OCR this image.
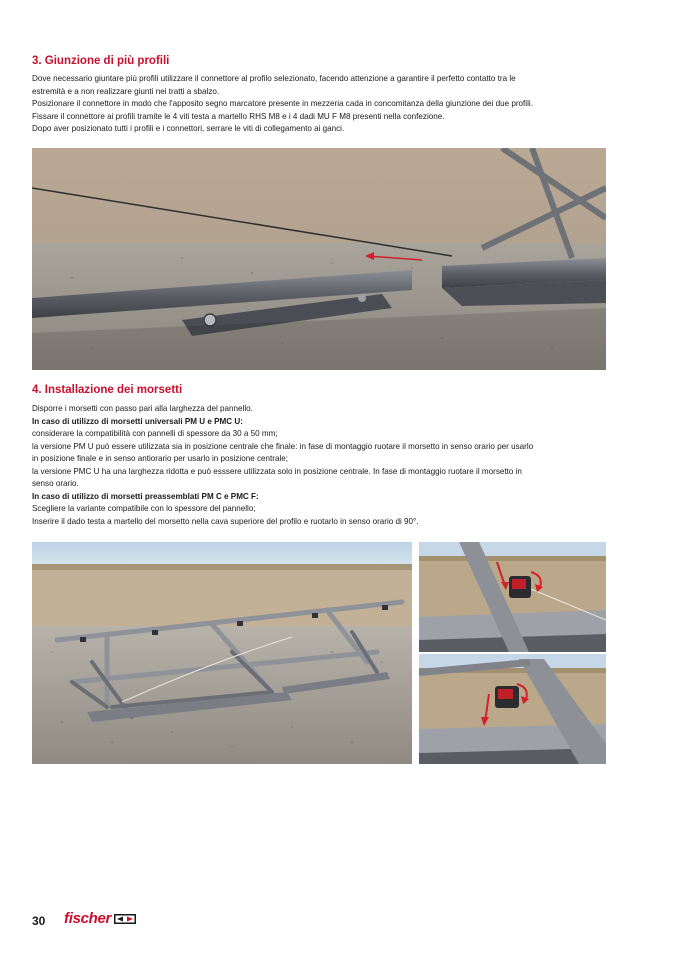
3. Giunzione di più profili

Dove necessario giuntare più profili utilizzare il connettore al profilo selezionato, facendo attenzione a garantire il perfetto contatto tra le

estremità e a non realizzare giunti nei tratti a sbalzo.

Posizionare il connettore in modo che l'apposito segno marcatore presente in mezzeria cada in concomitanza della giunzione dei due profili.

Fissare il connettore ai profili tramite le 4 viti testa a martello RHS M8 e i 4 dadi MU F M8 presenti nella confezione.

Dopo aver posizionato tutti i profili e i connettori, serrare le viti di collegamento ai ganci.

4. Installazione dei morsetti

Disporre i morsetti con passo pari alla larghezza del pannello.

In caso di utilizzo di morsetti universali PM U e PMC U:

considerare la compatibilità con pannelli di spessore da 30 a 50 mm;

la versione PM U può essere utilizzata sia in posizione centrale che finale: in fase di montaggio ruotare il morsetto in senso orario per usarlo

in posizione finale e in senso antiorario per usarlo in posizione centrale;

la versione PMC U ha una larghezza ridotta e può esssere utilizzata solo in posizione centrale. In fase di montaggio ruotare il morsetto in

senso orario.

In caso di utilizzo di morsetti preassemblati PM C e PMC F:

Scegliere la variante compatibile con lo spessore del pannello;

Inserire il dado testa a martello del morsetto nella cava superiore del profilo e ruotarlo in senso orario di 90°.

30 fischer
